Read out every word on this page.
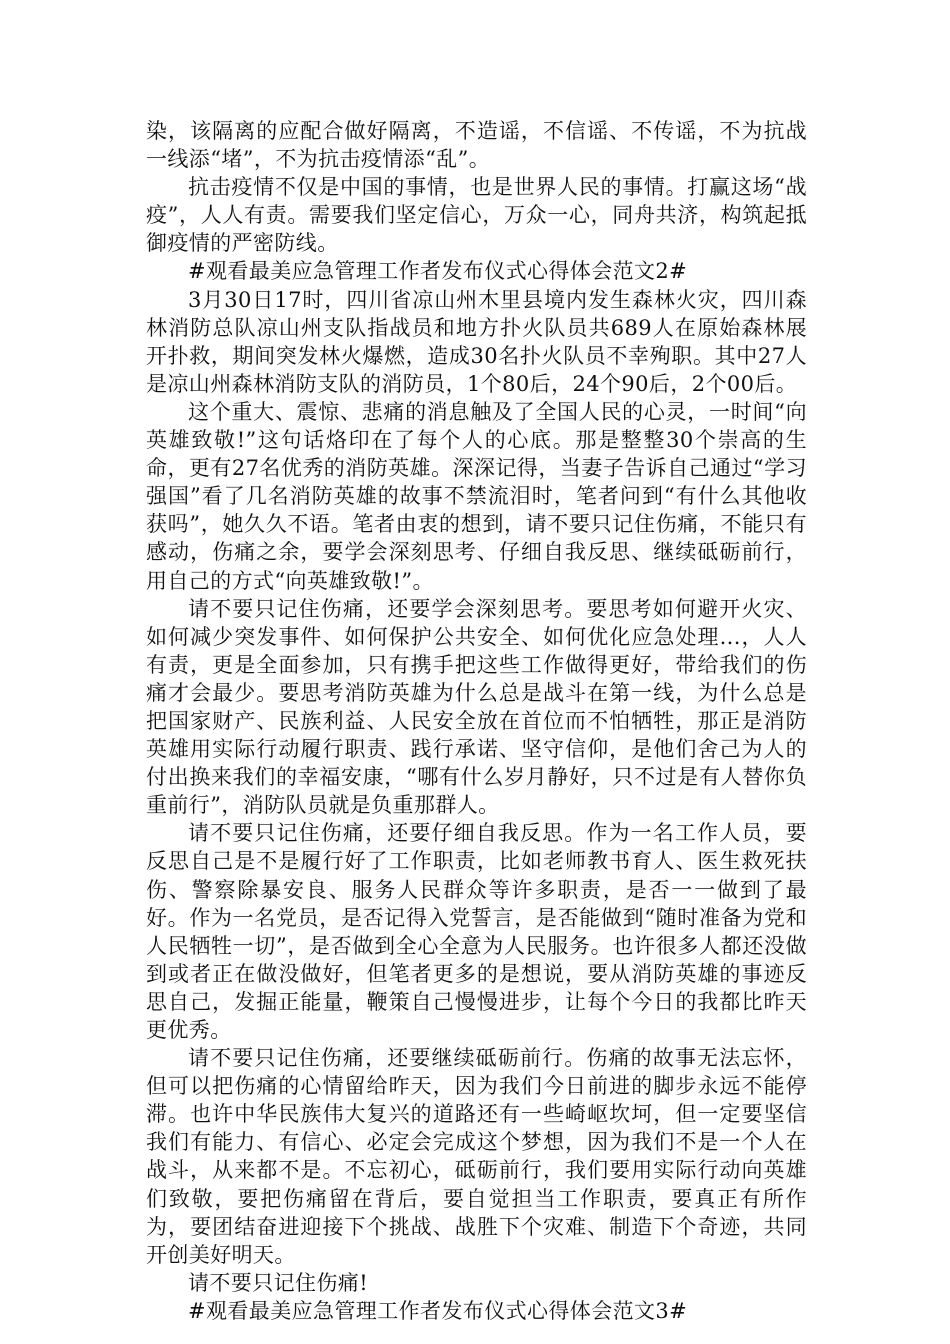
染，该隔离的应配合做好隔离，不造谣，不信谣、不传谣，不为抗战一线添“堵”，不为抗击疫情添“乱”。

抗击疫情不仅是中国的事情，也是世界人民的事情。打赢这场“战疫”，人人有责。需要我们坚定信心，万众一心，同舟共济，构筑起抵御疫情的严密防线。

#观看最美应急管理工作者发布仪式心得体会范文2#

3月30日17时，四川省凉山州木里县境内发生森林火灾，四川森林消防总队凉山州支队指战员和地方扑火队员共689人在原始森林展开扑救，期间突发林火爆燃，造成30名扑火队员不幸殉职。其中27人是凉山州森林消防支队的消防员，1个80后，24个90后，2个00后。

这个重大、震惊、悲痛的消息触及了全国人民的心灵，一时间“向英雄致敬!”这句话烙印在了每个人的心底。那是整整30个崇高的生命，更有27名优秀的消防英雄。深深记得，当妻子告诉自己通过“学习强国”看了几名消防英雄的故事不禁流泪时，笔者问到“有什么其他收获吗”，她久久不语。笔者由衷的想到，请不要只记住伤痛，不能只有感动，伤痛之余，要学会深刻思考、仔细自我反思、继续砥砺前行，用自己的方式“向英雄致敬!”。

请不要只记住伤痛，还要学会深刻思考。要思考如何避开火灾、如何减少突发事件、如何保护公共安全、如何优化应急处理...，人人有责，更是全面参加，只有携手把这些工作做得更好，带给我们的伤痛才会最少。要思考消防英雄为什么总是战斗在第一线，为什么总是把国家财产、民族利益、人民安全放在首位而不怕牺牲，那正是消防英雄用实际行动履行职责、践行承诺、坚守信仰，是他们舍己为人的付出换来我们的幸福安康，“哪有什么岁月静好，只不过是有人替你负重前行”，消防队员就是负重那群人。

请不要只记住伤痛，还要仔细自我反思。作为一名工作人员，要反思自己是不是履行好了工作职责，比如老师教书育人、医生救死扶伤、警察除暴安良、服务人民群众等许多职责，是否一一做到了最好。作为一名党员，是否记得入党誓言，是否能做到“随时准备为党和人民牺牲一切”，是否做到全心全意为人民服务。也许很多人都还没做到或者正在做没做好，但笔者更多的是想说，要从消防英雄的事迹反思自己，发掘正能量，鞭策自己慢慢进步，让每个今日的我都比昨天更优秀。

请不要只记住伤痛，还要继续砥砺前行。伤痛的故事无法忘怀，但可以把伤痛的心情留给昨天，因为我们今日前进的脚步永远不能停滞。也许中华民族伟大复兴的道路还有一些崎岖坎坷，但一定要坚信我们有能力、有信心、必定会完成这个梦想，因为我们不是一个人在战斗，从来都不是。不忘初心，砥砺前行，我们要用实际行动向英雄们致敬，要把伤痛留在背后，要自觉担当工作职责，要真正有所作为，要团结奋进迎接下个挑战、战胜下个灾难、制造下个奇迹，共同开创美好明天。

请不要只记住伤痛!

#观看最美应急管理工作者发布仪式心得体会范文3#
